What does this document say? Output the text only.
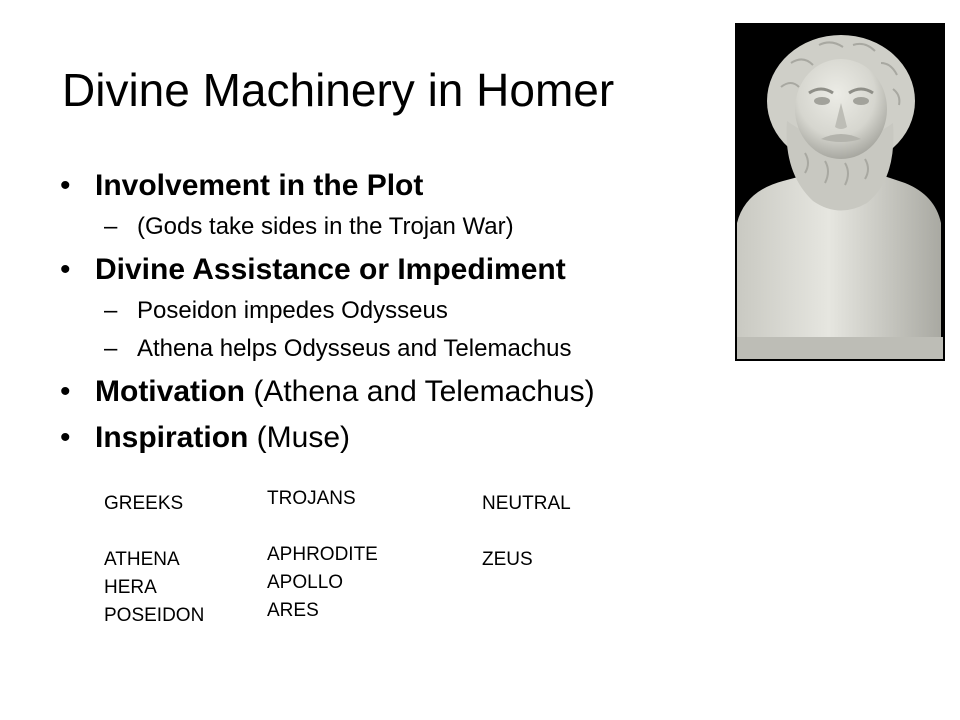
Divine Machinery in Homer
• Involvement in the Plot
– (Gods take sides in the Trojan War)
• Divine Assistance or Impediment
– Poseidon impedes Odysseus
– Athena helps Odysseus and Telemachus
• Motivation (Athena and Telemachus)
• Inspiration (Muse)
GREEKS
ATHENA
HERA
POSEIDON
TROJANS
APHRODITE
APOLLO
ARES
NEUTRAL
ZEUS
